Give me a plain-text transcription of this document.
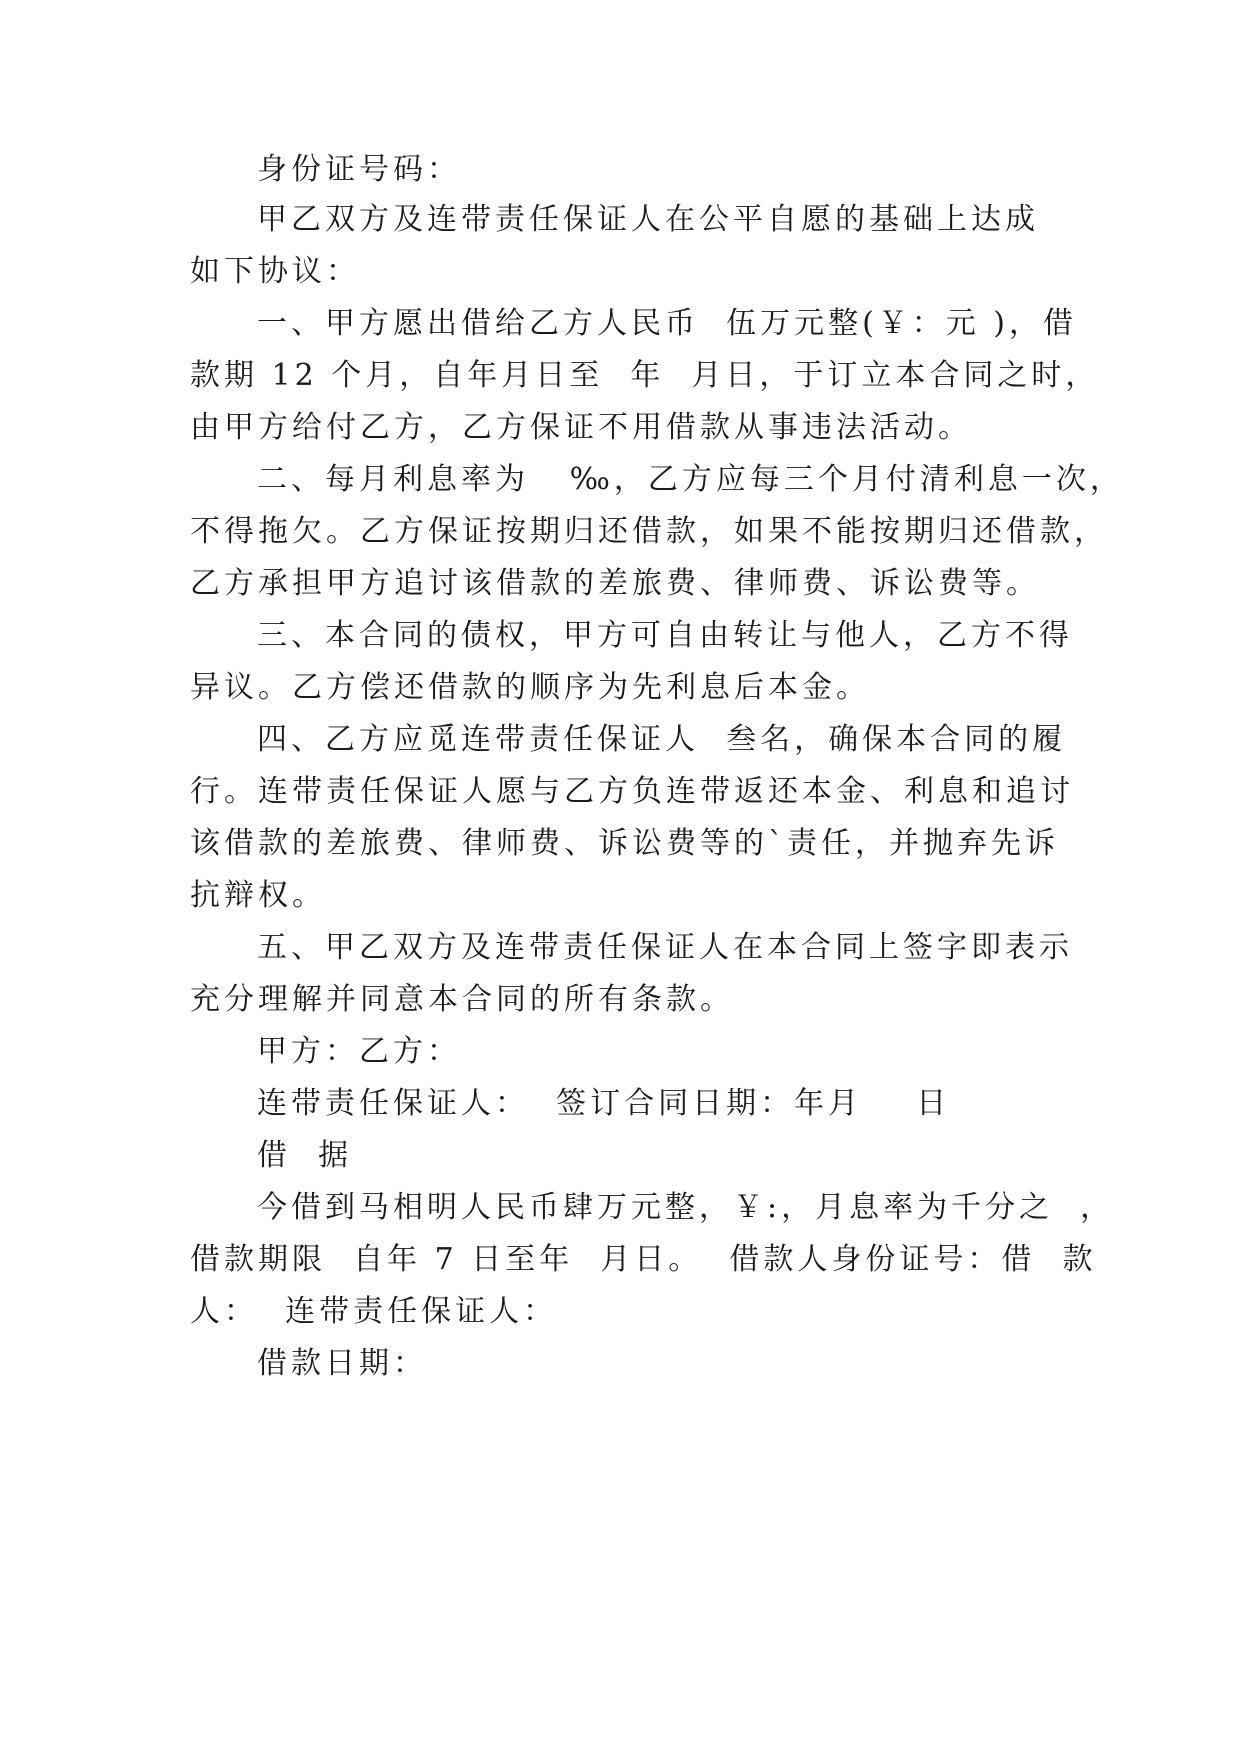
身份证号码：
甲乙双方及连带责任保证人在公平自愿的基础上达成
如下协议：
一、甲方愿出借给乙方人民币  伍万元整(￥：元 )，借
款期 12 个月，自年月日至  年  月日，于订立本合同之时，
由甲方给付乙方，乙方保证不用借款从事违法活动。
二、每月利息率为   ‰，乙方应每三个月付清利息一次，
不得拖欠。乙方保证按期归还借款，如果不能按期归还借款，
乙方承担甲方追讨该借款的差旅费、律师费、诉讼费等。
三、本合同的债权，甲方可自由转让与他人，乙方不得
异议。乙方偿还借款的顺序为先利息后本金。
四、乙方应觅连带责任保证人  叁名，确保本合同的履
行。连带责任保证人愿与乙方负连带返还本金、利息和追讨
该借款的差旅费、律师费、诉讼费等的`责任，并抛弃先诉
抗辩权。
五、甲乙双方及连带责任保证人在本合同上签字即表示
充分理解并同意本合同的所有条款。
甲方：乙方：
连带责任保证人：  签订合同日期：年月    日
借  据
今借到马相明人民币肆万元整，￥:，月息率为千分之  ，
借款期限  自年 7 日至年  月日。  借款人身份证号：借  款
人：  连带责任保证人：
借款日期：
